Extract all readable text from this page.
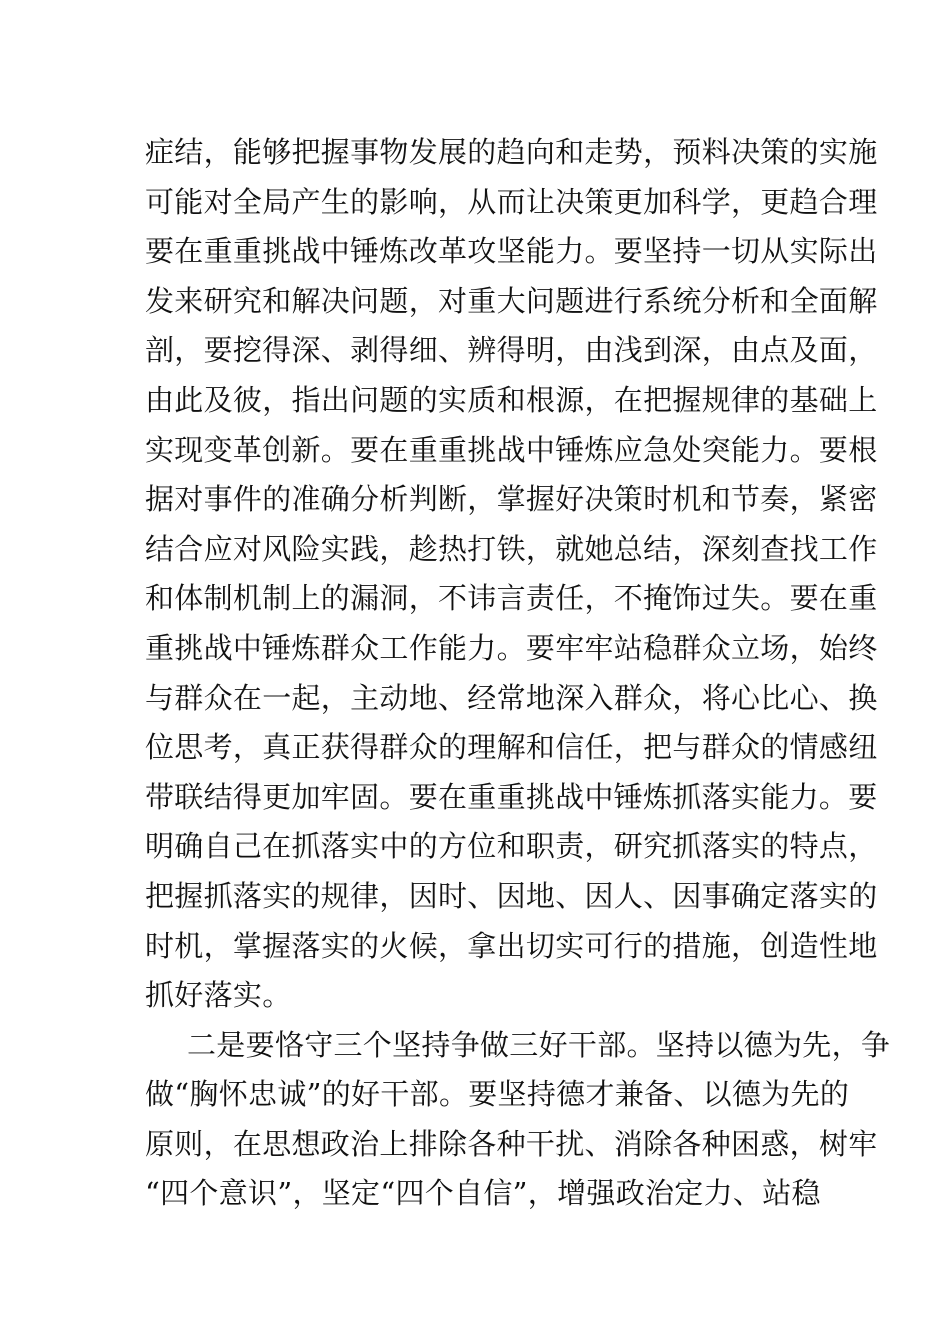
症结，能够把握事物发展的趋向和走势，预料决策的实施
可能对全局产生的影响，从而让决策更加科学，更趋合理
要在重重挑战中锤炼改革攻坚能力。要坚持一切从实际出
发来研究和解决问题，对重大问题进行系统分析和全面解
剖，要挖得深、剥得细、辨得明，由浅到深，由点及面，
由此及彼，指出问题的实质和根源，在把握规律的基础上
实现变革创新。要在重重挑战中锤炼应急处突能力。要根
据对事件的准确分析判断，掌握好决策时机和节奏，紧密
结合应对风险实践，趁热打铁，就她总结，深刻查找工作
和体制机制上的漏洞，不讳言责任，不掩饰过失。要在重
重挑战中锤炼群众工作能力。要牢牢站稳群众立场，始终
与群众在一起，主动地、经常地深入群众，将心比心、换
位思考，真正获得群众的理解和信任，把与群众的情感纽
带联结得更加牢固。要在重重挑战中锤炼抓落实能力。要
明确自己在抓落实中的方位和职责，研究抓落实的特点，
把握抓落实的规律，因时、因地、因人、因事确定落实的
时机，掌握落实的火候，拿出切实可行的措施，创造性地
抓好落实。
二是要恪守三个坚持争做三好干部。坚持以德为先，争
做“胸怀忠诚”的好干部。要坚持德才兼备、以德为先的
原则，在思想政治上排除各种干扰、消除各种困惑，树牢
“四个意识”，坚定“四个自信”，增强政治定力、站稳
